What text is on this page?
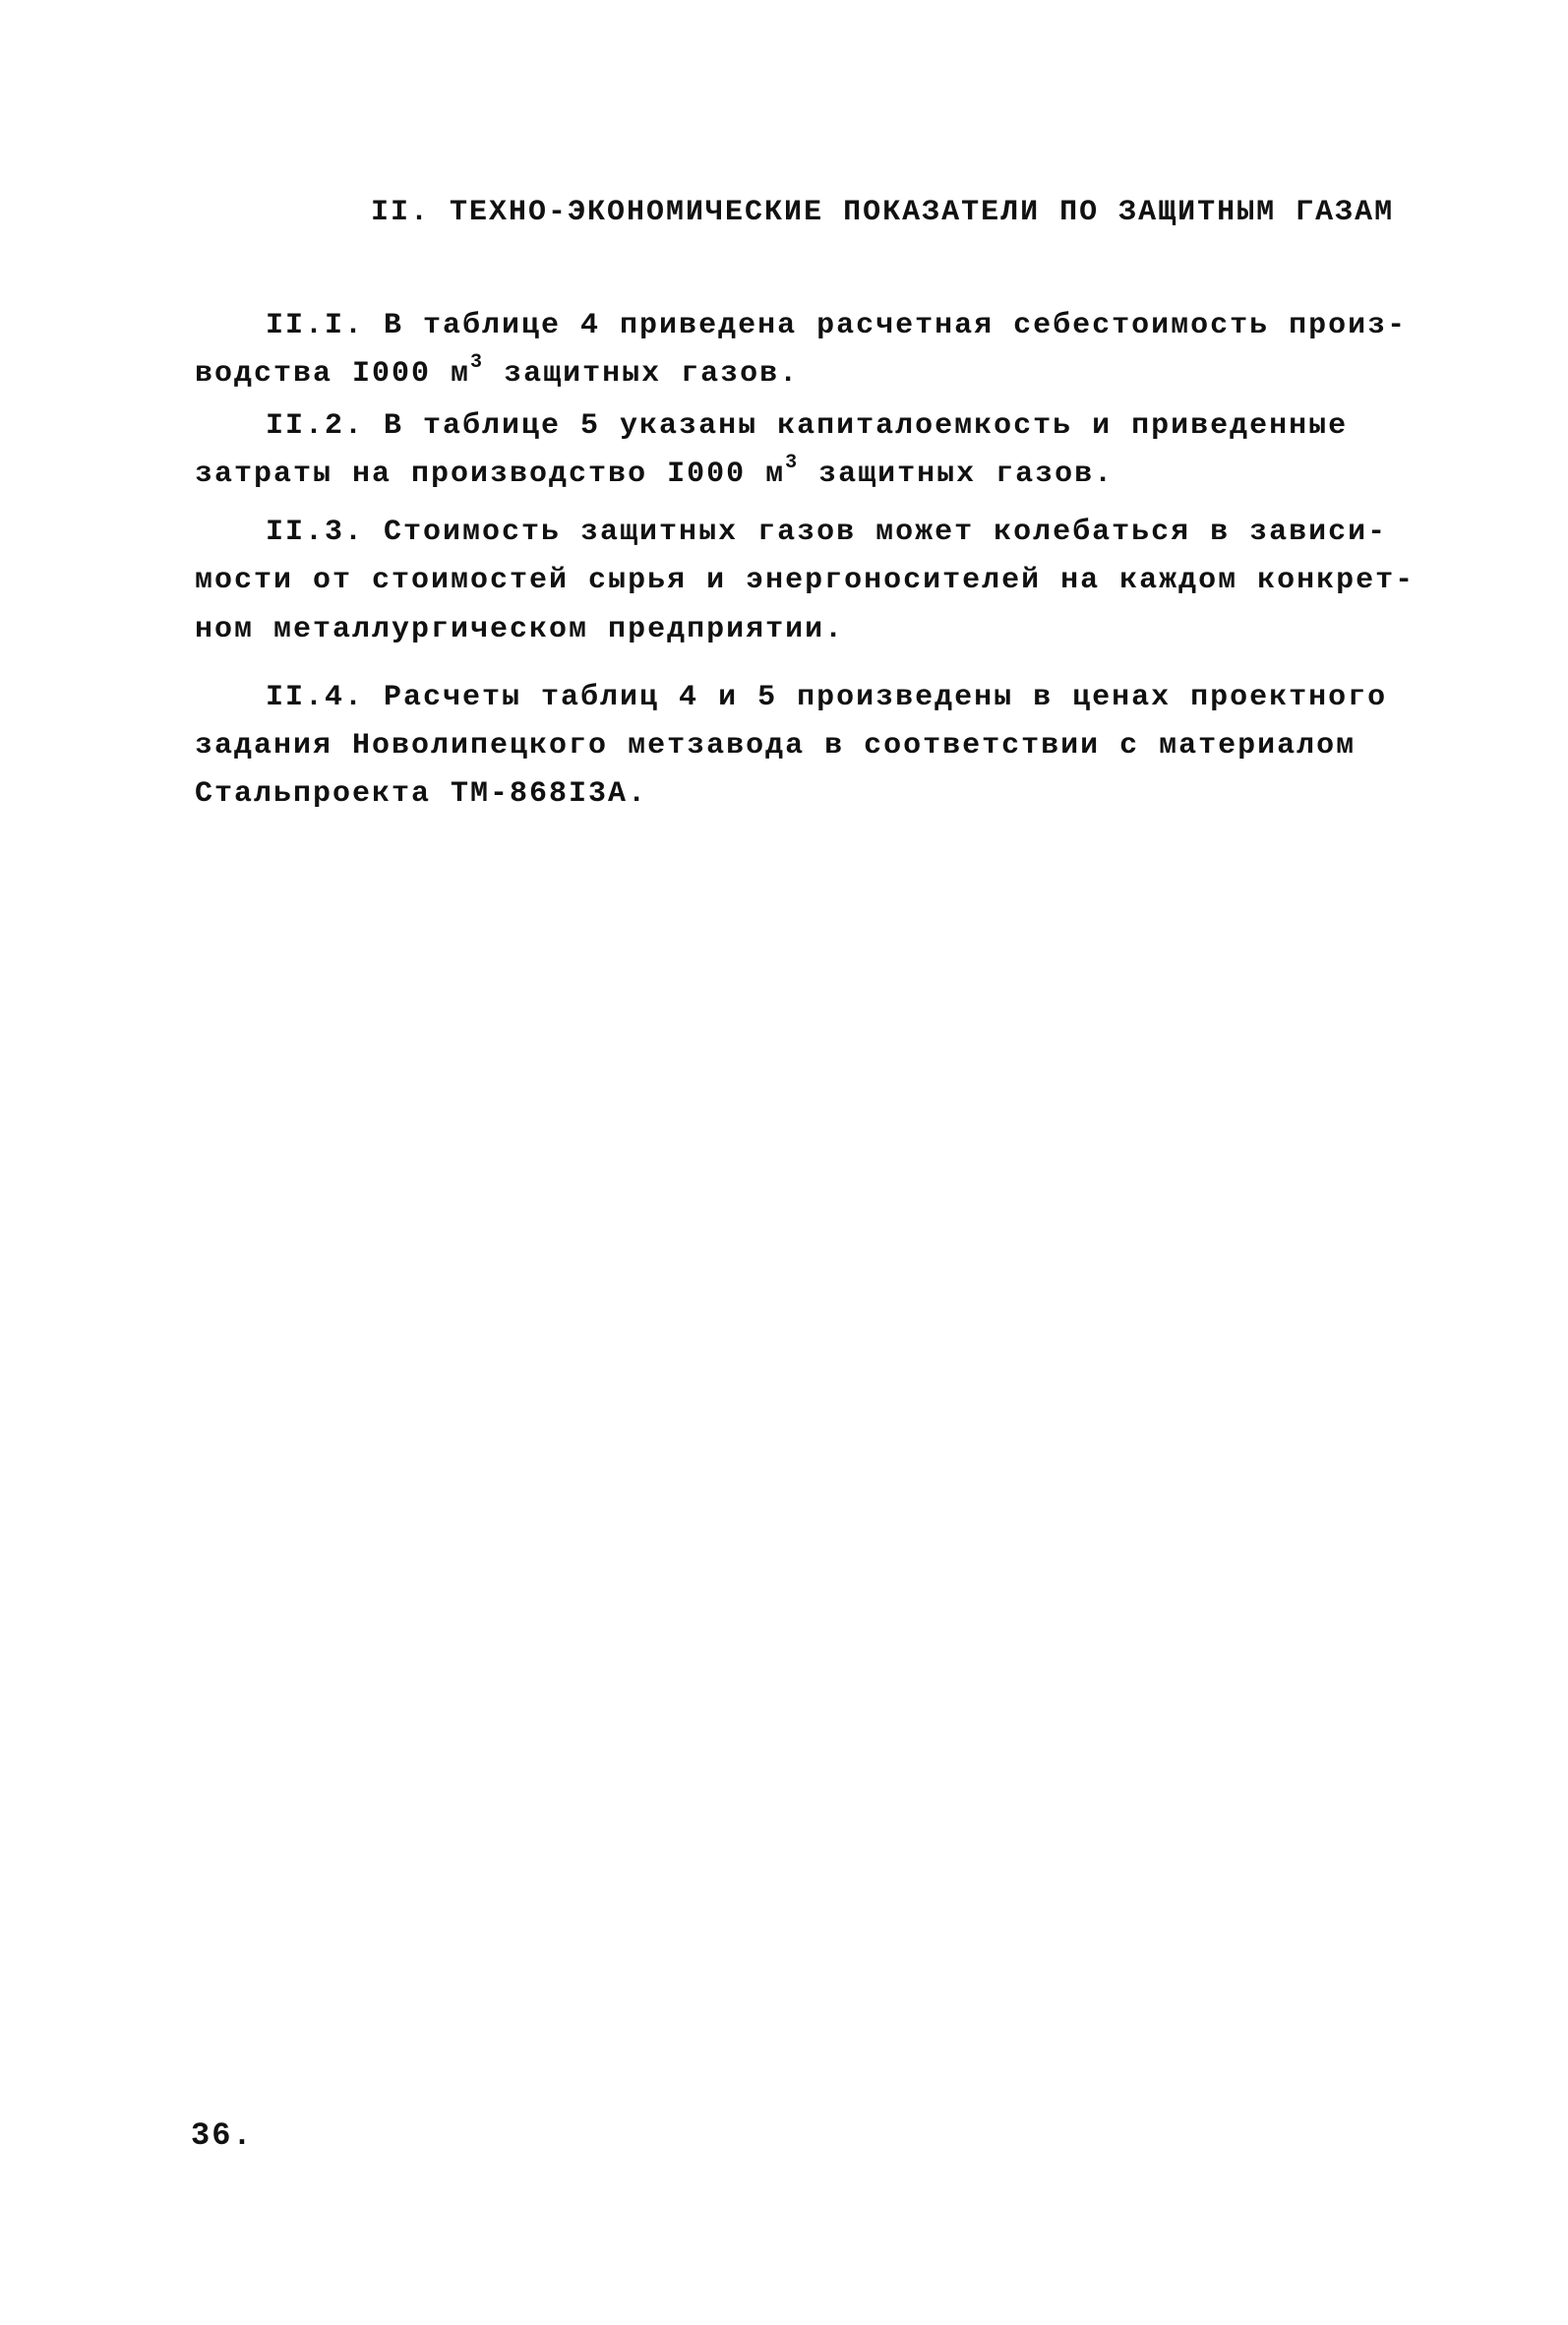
II. ТЕХНО-ЭКОНОМИЧЕСКИЕ ПОКАЗАТЕЛИ ПО ЗАЩИТНЫМ ГАЗАМ
II.I. В таблице 4 приведена расчетная себестоимость произ-
водства I000 $м^3$ защитных газов.
II.2. В таблице 5 указаны капиталоемкость и приведенные
затраты на производство I000 $м^3$ защитных газов.
II.3. Стоимость защитных газов может колебаться в зависи-
мости от стоимостей сырья и энергоносителей на каждом конкрет-
ном металлургическом предприятии.
II.4. Расчеты таблиц 4 и 5 произведены в ценах проектного
задания Новолипецкого метзавода в соответствии с материалом
Стальпроекта ТМ-868I3А.
36.
